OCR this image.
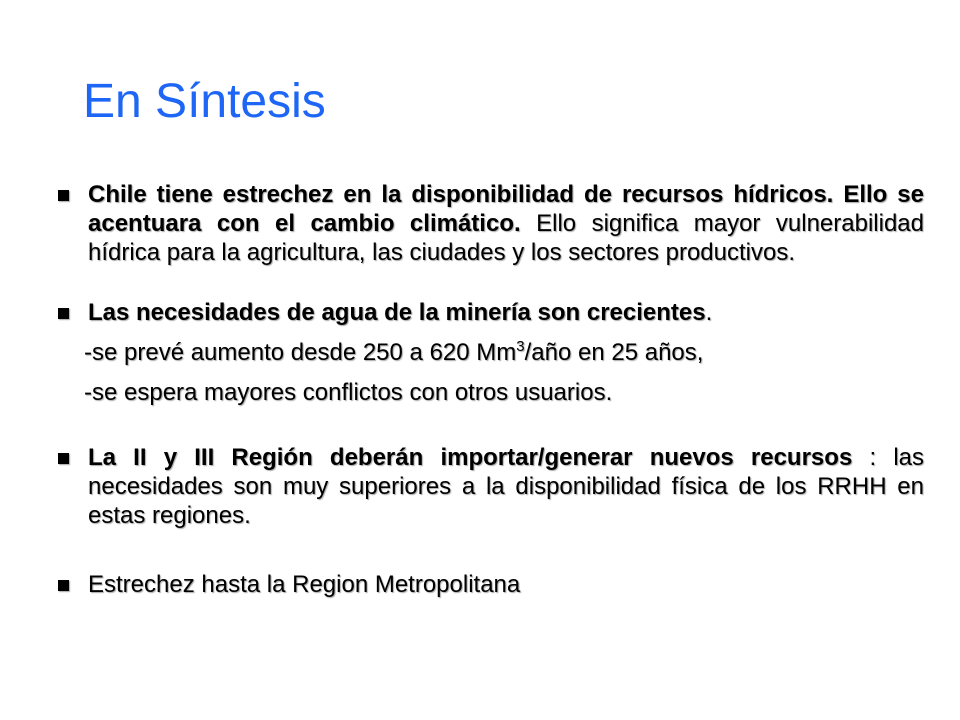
En Síntesis
Chile tiene estrechez en la disponibilidad de recursos hídricos. Ello se acentuara con el cambio climático. Ello significa mayor vulnerabilidad hídrica para la agricultura, las ciudades y los sectores productivos.
Las necesidades de agua de la minería son crecientes.
-se prevé aumento desde 250 a 620 Mm$^3$/año en 25 años,
-se espera mayores conflictos con otros usuarios.
La II y III Región deberán importar/generar nuevos recursos : las necesidades son muy superiores a la disponibilidad física de los RRHH en estas regiones.
Estrechez hasta la Region Metropolitana
